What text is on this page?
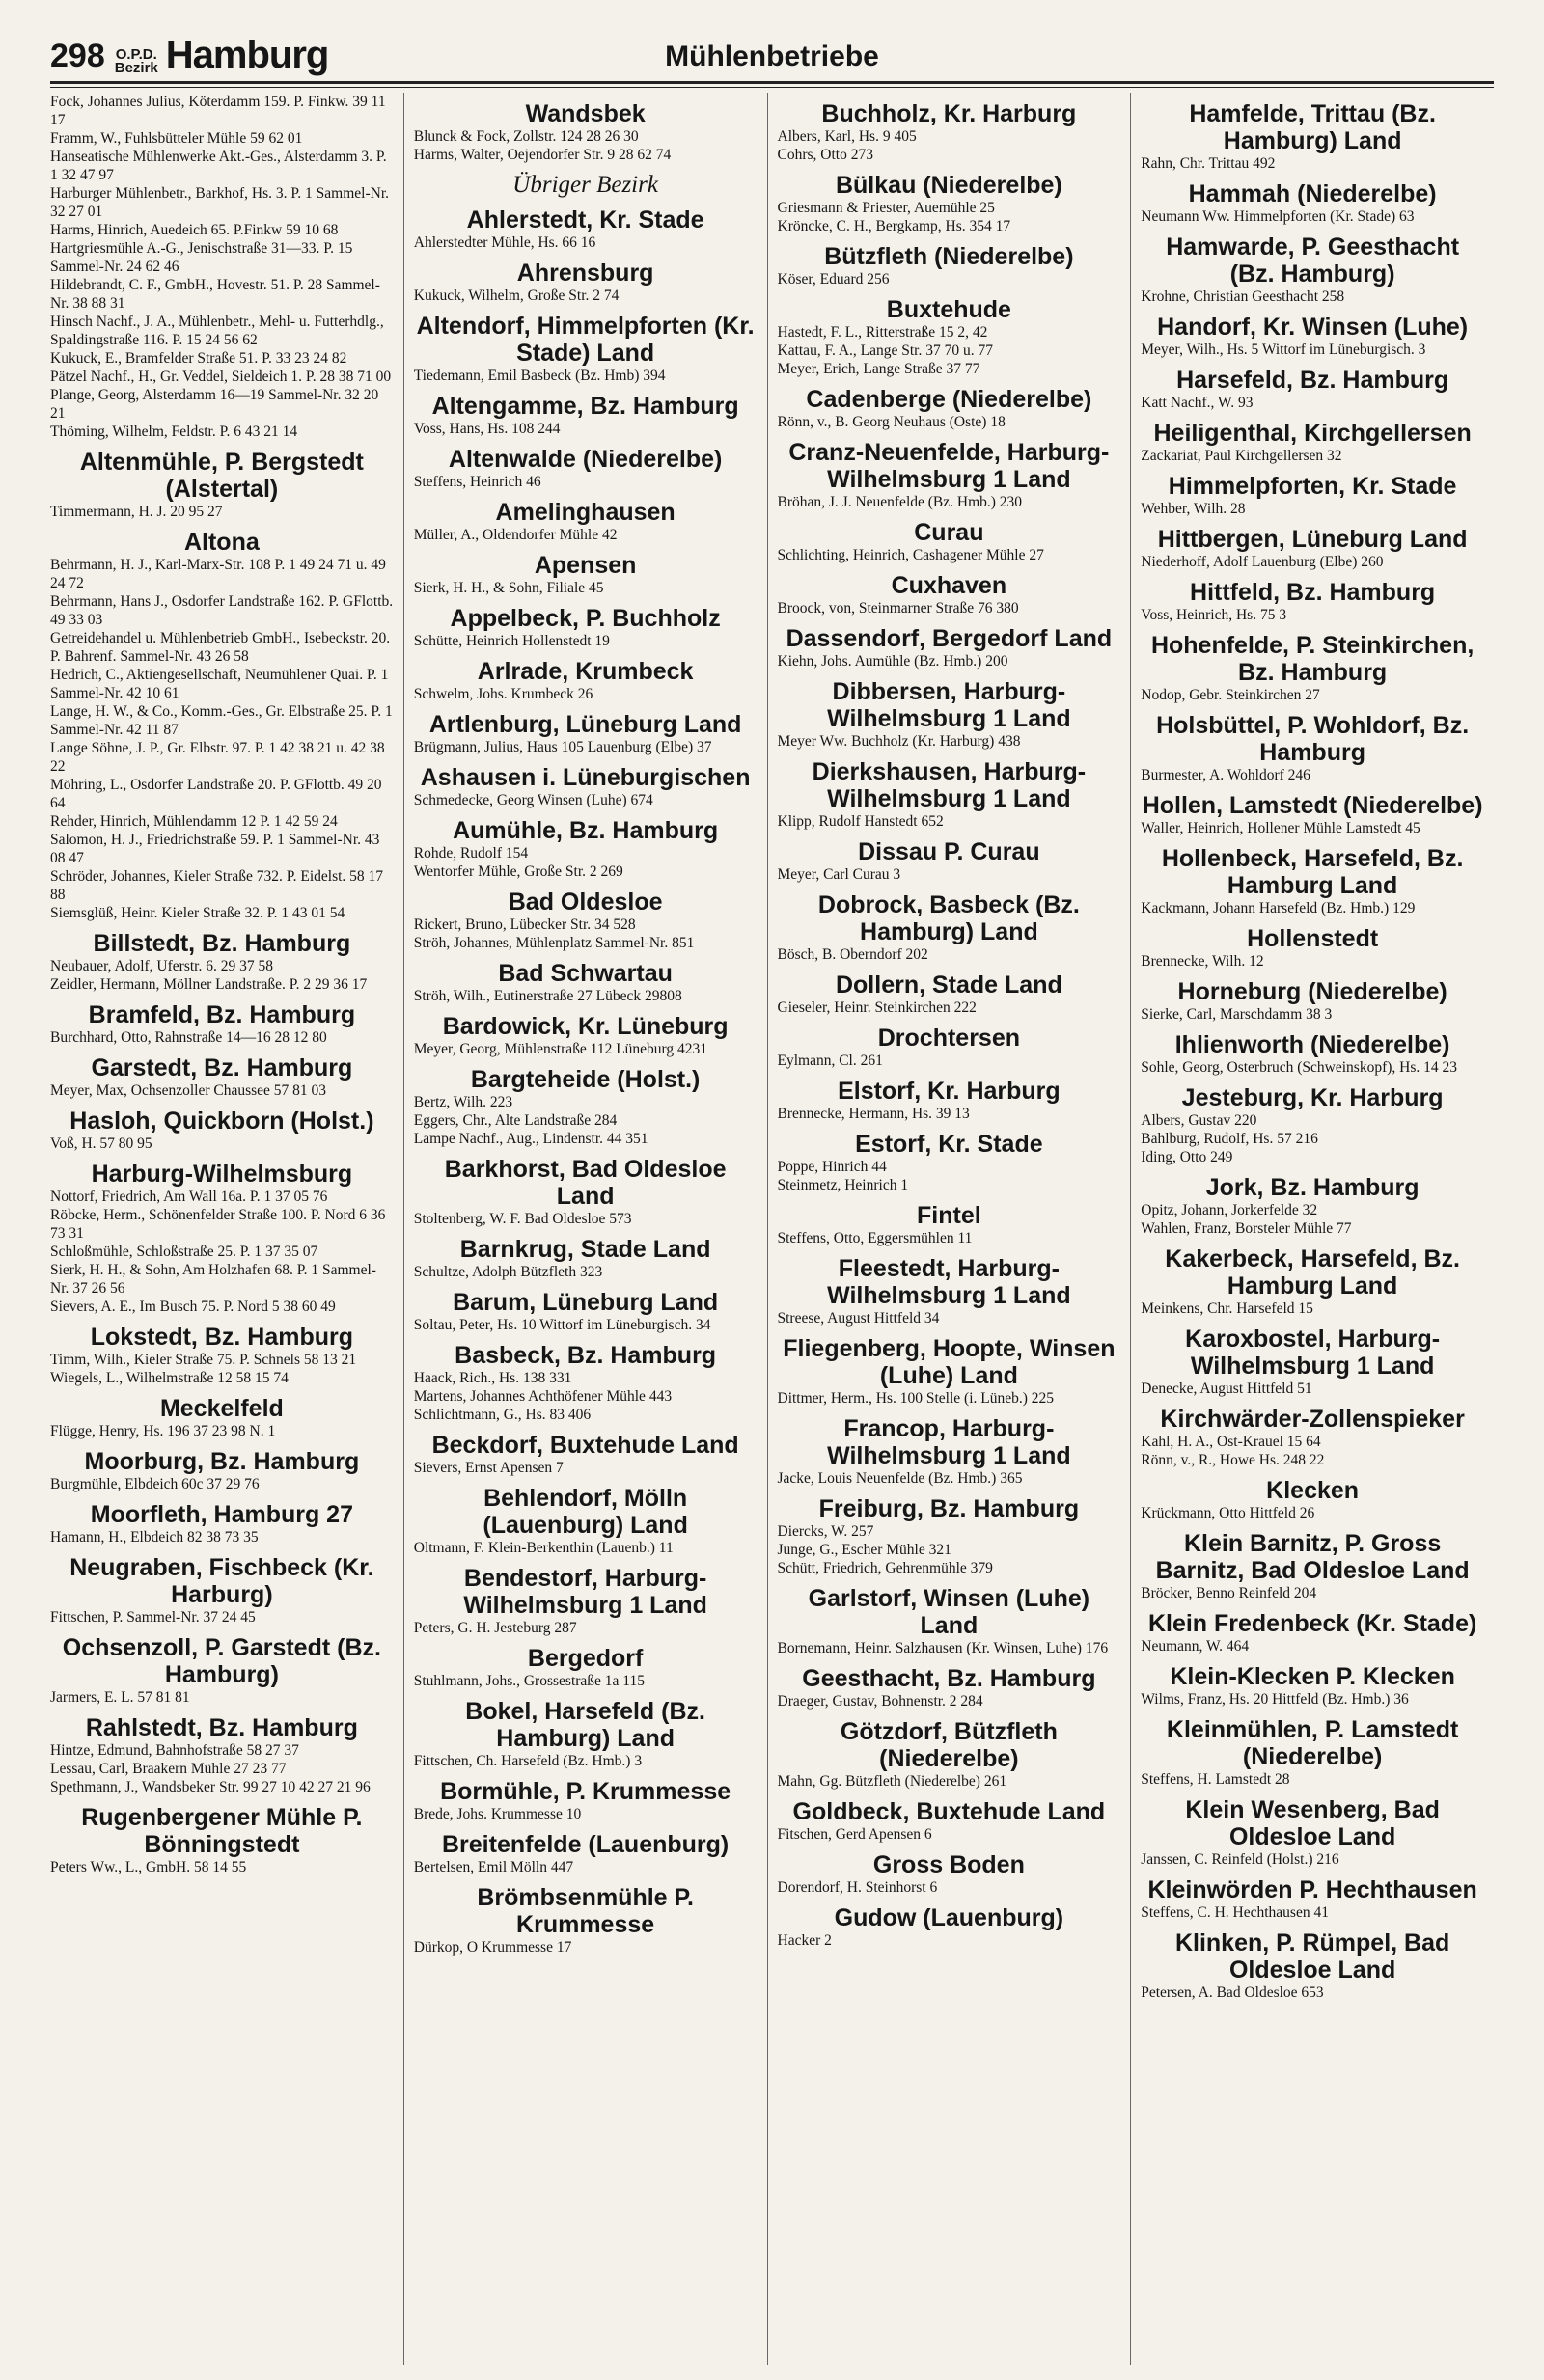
298 O.P.D.
Bezirk Hamburg	Mühlenbetriebe
Fock, Johannes Julius, Köterdamm 159. P. Finkw. 39 11 17
Framm, W., Fuhlsbütteler Mühle 59 62 01
Hanseatische Mühlenwerke Akt.-Ges., Alsterdamm 3. P. 1 32 47 97
Harburger Mühlenbetr., Barkhof, Hs. 3. P. 1 Sammel-Nr. 32 27 01
Harms, Hinrich, Auedeich 65. P.Finkw 59 10 68
Hartgriesmühle A.-G., Jenischstraße 31—33. P. 15 Sammel-Nr. 24 62 46
Hildebrandt, C. F., GmbH., Hovestr. 51. P. 28 Sammel-Nr. 38 88 31
Hinsch Nachf., J. A., Mühlenbetr., Mehl- u. Futterhdlg., Spaldingstraße 116. P. 15 24 56 62
Kukuck, E., Bramfelder Straße 51. P. 33 23 24 82
Pätzel Nachf., H., Gr. Veddel, Sieldeich 1. P. 28 38 71 00
Plange, Georg, Alsterdamm 16—19 Sammel-Nr. 32 20 21
Thöming, Wilhelm, Feldstr. P. 6 43 21 14
Altenmühle, P. Bergstedt (Alstertal)
Timmermann, H. J. 20 95 27
Altona
Behrmann, H. J., Karl-Marx-Str. 108 P. 1 49 24 71 u. 49 24 72
Behrmann, Hans J., Osdorfer Landstraße 162. P. GFlottb. 49 33 03
Getreidehandel u. Mühlenbetrieb GmbH., Isebeckstr. 20. P. Bahrenf. Sammel-Nr. 43 26 58
Hedrich, C., Aktiengesellschaft, Neumühlener Quai. P. 1 Sammel-Nr. 42 10 61
Lange, H. W., & Co., Komm.-Ges., Gr. Elbstraße 25. P. 1 Sammel-Nr. 42 11 87
Lange Söhne, J. P., Gr. Elbstr. 97. P. 1 42 38 21 u. 42 38 22
Möhring, L., Osdorfer Landstraße 20. P. GFlottb. 49 20 64
Rehder, Hinrich, Mühlendamm 12 P. 1 42 59 24
Salomon, H. J., Friedrichstraße 59. P. 1 Sammel-Nr. 43 08 47
Schröder, Johannes, Kieler Straße 732. P. Eidelst. 58 17 88
Siemsglüß, Heinr. Kieler Straße 32. P. 1 43 01 54
Billstedt, Bz. Hamburg
Neubauer, Adolf, Uferstr. 6. 29 37 58
Zeidler, Hermann, Möllner Landstraße. P. 2 29 36 17
Bramfeld, Bz. Hamburg
Burchhard, Otto, Rahnstraße 14—16 28 12 80
Garstedt, Bz. Hamburg
Meyer, Max, Ochsenzoller Chaussee 57 81 03
Hasloh, Quickborn (Holst.)
Voß, H. 57 80 95
Harburg-Wilhelmsburg
Nottorf, Friedrich, Am Wall 16a. P. 1 37 05 76
Röbcke, Herm., Schönenfelder Straße 100. P. Nord 6 36 73 31
Schloßmühle, Schloßstraße 25. P. 1 37 35 07
Sierk, H. H., & Sohn, Am Holzhafen 68. P. 1 Sammel-Nr. 37 26 56
Sievers, A. E., Im Busch 75. P. Nord 5 38 60 49
Lokstedt, Bz. Hamburg
Timm, Wilh., Kieler Straße 75. P. Schnels 58 13 21
Wiegels, L., Wilhelmstraße 12 58 15 74
Meckelfeld
Flügge, Henry, Hs. 196 37 23 98 N. 1
Moorburg, Bz. Hamburg
Burgmühle, Elbdeich 60c 37 29 76
Moorfleth, Hamburg 27
Hamann, H., Elbdeich 82 38 73 35
Neugraben, Fischbeck (Kr. Harburg)
Fittschen, P. Sammel-Nr. 37 24 45
Ochsenzoll, P. Garstedt (Bz. Hamburg)
Jarmers, E. L. 57 81 81
Rahlstedt, Bz. Hamburg
Hintze, Edmund, Bahnhofstraße 58 27 37
Lessau, Carl, Braakern Mühle 27 23 77
Spethmann, J., Wandsbeker Str. 99 27 10 42 27 21 96
Rugenbergener Mühle P. Bönningstedt
Peters Ww., L., GmbH. 58 14 55
Wandsbek
Blunck & Fock, Zollstr. 124 28 26 30
Harms, Walter, Oejendorfer Str. 9 28 62 74
Übriger Bezirk
Ahlerstedt, Kr. Stade
Ahlerstedter Mühle, Hs. 66 16
Ahrensburg
Kukuck, Wilhelm, Große Str. 2 74
Altendorf, Himmelpforten (Kr. Stade) Land
Tiedemann, Emil Basbeck (Bz. Hmb) 394
Altengamme, Bz. Hamburg
Voss, Hans, Hs. 108 244
Altenwalde (Niederelbe)
Steffens, Heinrich 46
Amelinghausen
Müller, A., Oldendorfer Mühle 42
Apensen
Sierk, H. H., & Sohn, Filiale 45
Appelbeck, P. Buchholz
Schütte, Heinrich Hollenstedt 19
Arlrade, Krumbeck
Schwelm, Johs. Krumbeck 26
Artlenburg, Lüneburg Land
Brügmann, Julius, Haus 105 Lauenburg (Elbe) 37
Ashausen i. Lüneburgischen
Schmedecke, Georg Winsen (Luhe) 674
Aumühle, Bz. Hamburg
Rohde, Rudolf 154
Wentorfer Mühle, Große Str. 2 269
Bad Oldesloe
Rickert, Bruno, Lübecker Str. 34 528
Ströh, Johannes, Mühlenplatz Sammel-Nr. 851
Bad Schwartau
Ströh, Wilh., Eutinerstraße 27 Lübeck 29808
Bardowick, Kr. Lüneburg
Meyer, Georg, Mühlenstraße 112 Lüneburg 4231
Bargteheide (Holst.)
Bertz, Wilh. 223
Eggers, Chr., Alte Landstraße 284
Lampe Nachf., Aug., Lindenstr. 44 351
Barkhorst, Bad Oldesloe Land
Stoltenberg, W. F. Bad Oldesloe 573
Barnkrug, Stade Land
Schultze, Adolph Bützfleth 323
Barum, Lüneburg Land
Soltau, Peter, Hs. 10 Wittorf im Lüneburgisch. 34
Basbeck, Bz. Hamburg
Haack, Rich., Hs. 138 331
Martens, Johannes Achthöfener Mühle 443
Schlichtmann, G., Hs. 83 406
Beckdorf, Buxtehude Land
Sievers, Ernst Apensen 7
Behlendorf, Mölln (Lauenburg) Land
Oltmann, F. Klein-Berkenthin (Lauenb.) 11
Bendestorf, Harburg-Wilhelmsburg 1 Land
Peters, G. H. Jesteburg 287
Bergedorf
Stuhlmann, Johs., Grossestraße 1a 115
Bokel, Harsefeld (Bz. Hamburg) Land
Fittschen, Ch. Harsefeld (Bz. Hmb.) 3
Bormühle, P. Krummesse
Brede, Johs. Krummesse 10
Breitenfelde (Lauenburg)
Bertelsen, Emil Mölln 447
Brömbsenmühle P. Krummesse
Dürkop, O Krummesse 17
Buchholz, Kr. Harburg
Albers, Karl, Hs. 9 405
Cohrs, Otto 273
Bülkau (Niederelbe)
Griesmann & Priester, Auemühle 25
Kröncke, C. H., Bergkamp, Hs. 354 17
Bützfleth (Niederelbe)
Köser, Eduard 256
Buxtehude
Hastedt, F. L., Ritterstraße 15 2, 42
Kattau, F. A., Lange Str. 37 70 u. 77
Meyer, Erich, Lange Straße 37 77
Cadenberge (Niederelbe)
Rönn, v., B. Georg Neuhaus (Oste) 18
Cranz-Neuenfelde, Harburg-Wilhelmsburg 1 Land
Bröhan, J. J. Neuenfelde (Bz. Hmb.) 230
Curau
Schlichting, Heinrich, Cashagener Mühle 27
Cuxhaven
Broock, von, Steinmarner Straße 76 380
Dassendorf, Bergedorf Land
Kiehn, Johs. Aumühle (Bz. Hmb.) 200
Dibbersen, Harburg-Wilhelmsburg 1 Land
Meyer Ww. Buchholz (Kr. Harburg) 438
Dierkshausen, Harburg-Wilhelmsburg 1 Land
Klipp, Rudolf Hanstedt 652
Dissau P. Curau
Meyer, Carl Curau 3
Dobrock, Basbeck (Bz. Hamburg) Land
Bösch, B. Oberndorf 202
Dollern, Stade Land
Gieseler, Heinr. Steinkirchen 222
Drochtersen
Eylmann, Cl. 261
Elstorf, Kr. Harburg
Brennecke, Hermann, Hs. 39 13
Estorf, Kr. Stade
Poppe, Hinrich 44
Steinmetz, Heinrich 1
Fintel
Steffens, Otto, Eggersmühlen 11
Fleestedt, Harburg-Wilhelmsburg 1 Land
Streese, August Hittfeld 34
Fliegenberg, Hoopte, Winsen (Luhe) Land
Dittmer, Herm., Hs. 100 Stelle (i. Lüneb.) 225
Francop, Harburg-Wilhelmsburg 1 Land
Jacke, Louis Neuenfelde (Bz. Hmb.) 365
Freiburg, Bz. Hamburg
Diercks, W. 257
Junge, G., Escher Mühle 321
Schütt, Friedrich, Gehrenmühle 379
Garlstorf, Winsen (Luhe) Land
Bornemann, Heinr. Salzhausen (Kr. Winsen, Luhe) 176
Geesthacht, Bz. Hamburg
Draeger, Gustav, Bohnenstr. 2 284
Götzdorf, Bützfleth (Niederelbe)
Mahn, Gg. Bützfleth (Niederelbe) 261
Goldbeck, Buxtehude Land
Fitschen, Gerd Apensen 6
Gross Boden
Dorendorf, H. Steinhorst 6
Gudow (Lauenburg)
Hacker 2
Hamfelde, Trittau (Bz. Hamburg) Land
Rahn, Chr. Trittau 492
Hammah (Niederelbe)
Neumann Ww. Himmelpforten (Kr. Stade) 63
Hamwarde, P. Geesthacht (Bz. Hamburg)
Krohne, Christian Geesthacht 258
Handorf, Kr. Winsen (Luhe)
Meyer, Wilh., Hs. 5 Wittorf im Lüneburgisch. 3
Harsefeld, Bz. Hamburg
Katt Nachf., W. 93
Heiligenthal, Kirchgellersen
Zackariat, Paul Kirchgellersen 32
Himmelpforten, Kr. Stade
Wehber, Wilh. 28
Hittbergen, Lüneburg Land
Niederhoff, Adolf Lauenburg (Elbe) 260
Hittfeld, Bz. Hamburg
Voss, Heinrich, Hs. 75 3
Hohenfelde, P. Steinkirchen, Bz. Hamburg
Nodop, Gebr. Steinkirchen 27
Holsbüttel, P. Wohldorf, Bz. Hamburg
Burmester, A. Wohldorf 246
Hollen, Lamstedt (Niederelbe)
Waller, Heinrich, Hollener Mühle Lamstedt 45
Hollenbeck, Harsefeld, Bz. Hamburg Land
Kackmann, Johann Harsefeld (Bz. Hmb.) 129
Hollenstedt
Brennecke, Wilh. 12
Horneburg (Niederelbe)
Sierke, Carl, Marschdamm 38 3
Ihlienworth (Niederelbe)
Sohle, Georg, Osterbruch (Schweinskopf), Hs. 14 23
Jesteburg, Kr. Harburg
Albers, Gustav 220
Bahlburg, Rudolf, Hs. 57 216
Iding, Otto 249
Jork, Bz. Hamburg
Opitz, Johann, Jorkerfelde 32
Wahlen, Franz, Borsteler Mühle 77
Kakerbeck, Harsefeld, Bz. Hamburg Land
Meinkens, Chr. Harsefeld 15
Karoxbostel, Harburg-Wilhelmsburg 1 Land
Denecke, August Hittfeld 51
Kirchwärder-Zollenspieker
Kahl, H. A., Ost-Krauel 15 64
Rönn, v., R., Howe Hs. 248 22
Klecken
Krückmann, Otto Hittfeld 26
Klein Barnitz, P. Gross Barnitz, Bad Oldesloe Land
Bröcker, Benno Reinfeld 204
Klein Fredenbeck (Kr. Stade)
Neumann, W. 464
Klein-Klecken P. Klecken
Wilms, Franz, Hs. 20 Hittfeld (Bz. Hmb.) 36
Kleinmühlen, P. Lamstedt (Niederelbe)
Steffens, H. Lamstedt 28
Klein Wesenberg, Bad Oldesloe Land
Janssen, C. Reinfeld (Holst.) 216
Kleinwörden P. Hechthausen
Steffens, C. H. Hechthausen 41
Klinken, P. Rümpel, Bad Oldesloe Land
Petersen, A. Bad Oldesloe 653
